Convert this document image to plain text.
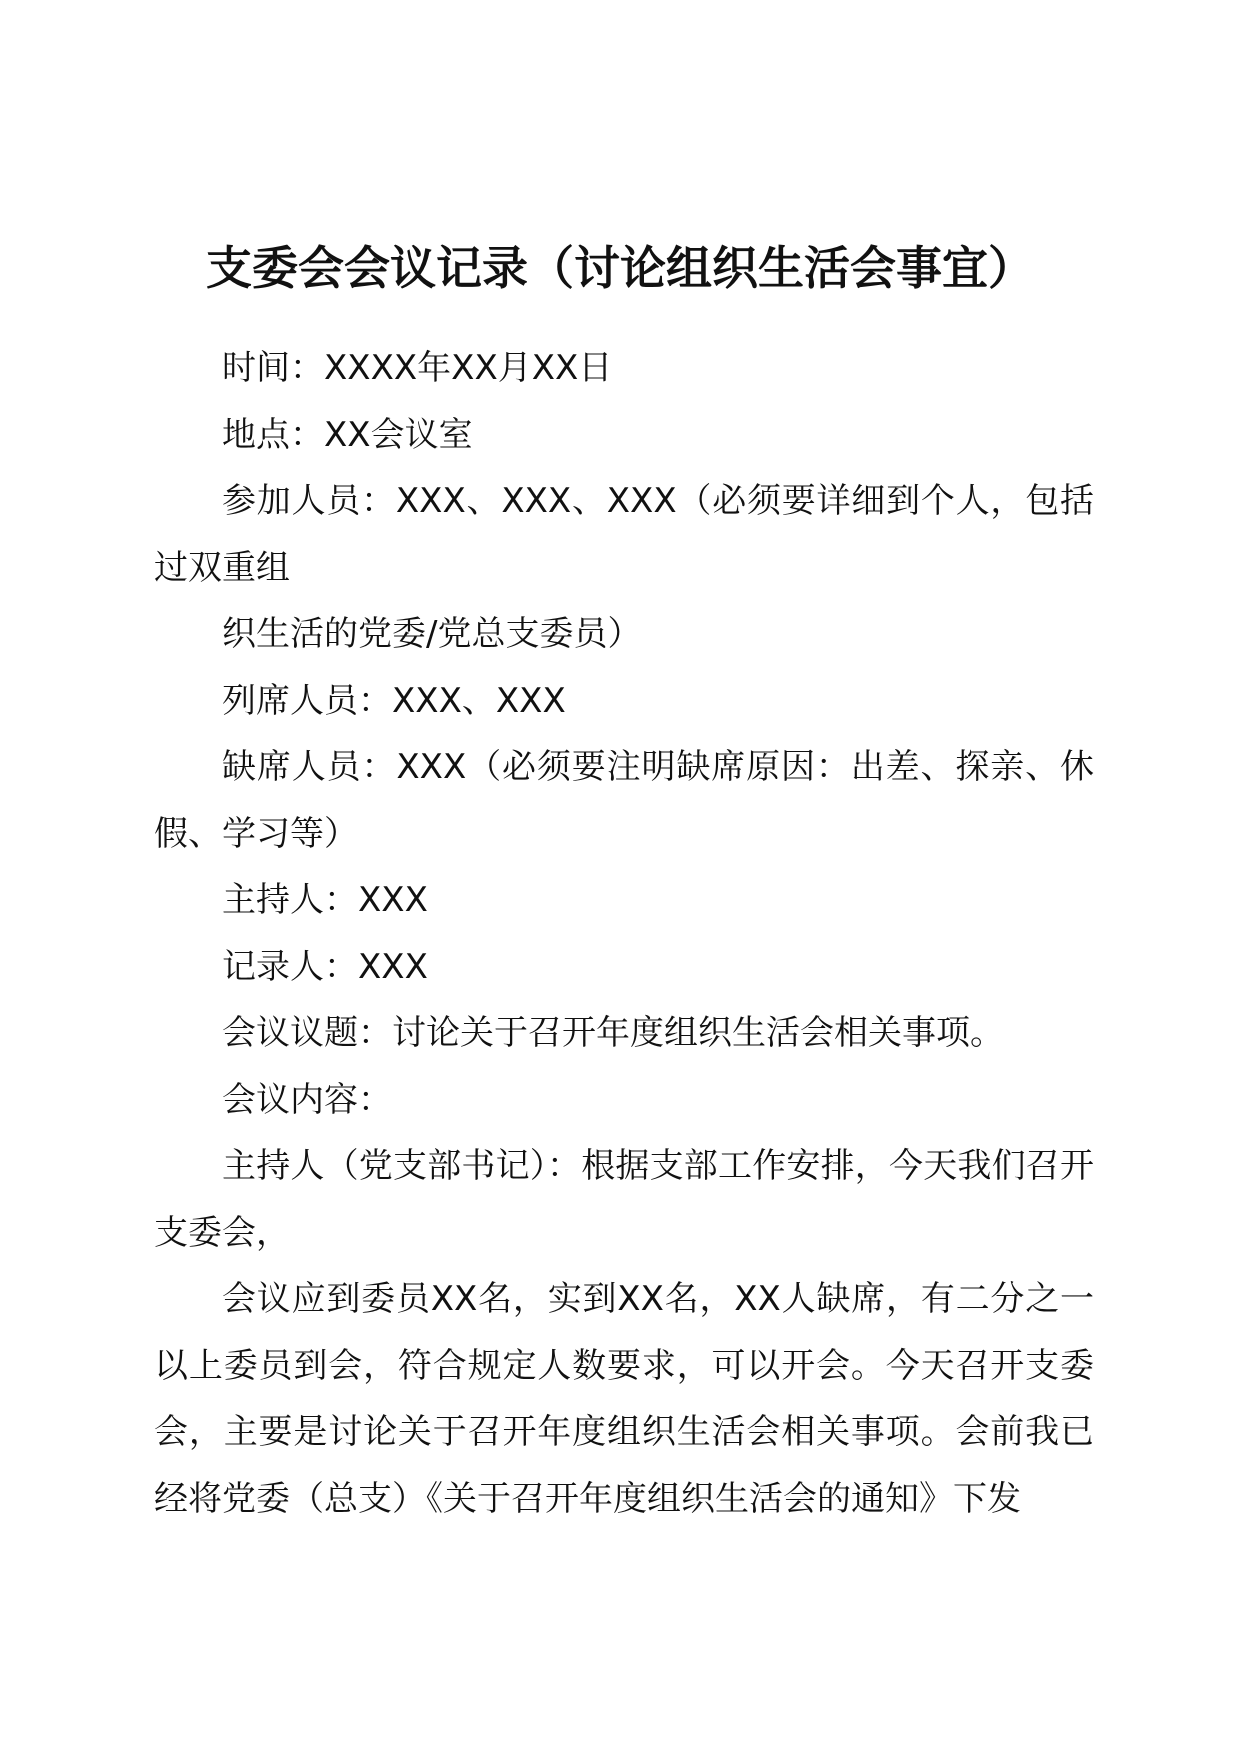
支委会会议记录（讨论组织生活会事宜）

时间：XXXX年XX月XX日

地点：XX会议室

参加人员：XXX、XXX、XXX（必须要详细到个人，包括过双重组

织生活的党委/党总支委员）

列席人员：XXX、XXX

缺席人员：XXX（必须要注明缺席原因：出差、探亲、休假、学习等）

主持人：XXX

记录人：XXX

会议议题：讨论关于召开年度组织生活会相关事项。

会议内容：

主持人（党支部书记）：根据支部工作安排，今天我们召开支委会，

会议应到委员XX名，实到XX名，XX人缺席，有二分之一以上委员到会，符合规定人数要求，可以开会。今天召开支委会，主要是讨论关于召开年度组织生活会相关事项。会前我已经将党委（总支）《关于召开年度组织生活会的通知》下发
